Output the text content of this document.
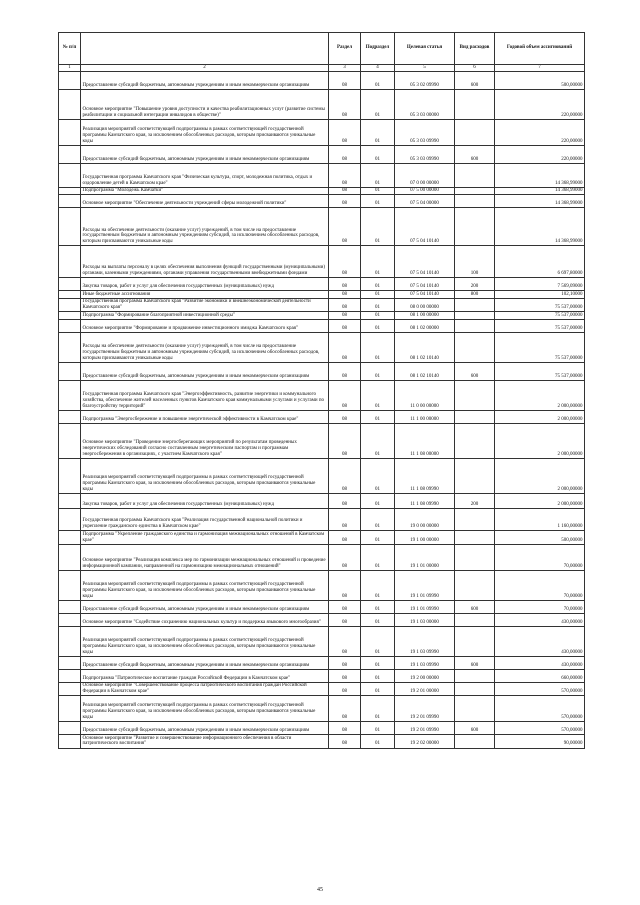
№ п/п		Раздел	Подраздел	Целевая статья	Вид расходов	Годовой объем ассигнований
1	2	3	4	5	6	7
	Предоставление субсидий бюджетным, автономным учреждениям и иным некоммерческим организациям	08	01	05 3 02 09990	600	500,00000
	Основное мероприятие "Повышение уровня доступности и качества реабилитационных услуг (развитие системы реабилитации и социальной интеграции инвалидов в обществе)"	08	01	05 3 03 00000		220,00000
	Реализация мероприятий соответствующей подпрограммы в рамках соответствующей государственной программы Камчатского края, за исключением обособленных расходов, которым присваиваются уникальные коды	08	01	05 3 03 09990		220,00000
	Предоставление субсидий бюджетным, автономным учреждениям и иным некоммерческим организациям	08	01	05 3 03 09990	600	220,00000
	Государственная программа Камчатского края "Физическая культура, спорт, молодежная политика, отдых и оздоровление детей в Камчатском крае"	08	01	07 0 00 00000		14 368,99000
	Подпрограмма "Молодежь Камчатки"	08	01	07 5 00 00000		14 368,99000
	Основное мероприятие "Обеспечение деятельности учреждений сферы молодежной политики"	08	01	07 5 04 00000		14 368,99000
	Расходы на обеспечение деятельности (оказание услуг) учреждений, в том числе на предоставление государственным бюджетным и автономным учреждениям субсидий, за исключением обособленных расходов, которым присваиваются уникальные коды	08	01	07 5 04 10140		14 368,99000
	Расходы на выплаты персоналу в целях обеспечения выполнения функций государственными (муниципальными) органами, казенными учреждениями, органами управления государственными внебюджетными фондами	08	01	07 5 04 10140	100	6 697,80000
	Закупка товаров, работ и услуг для обеспечения государственных (муниципальных) нужд	08	01	07 5 04 10140	200	7 569,09000
	Иные бюджетные ассигнования	08	01	07 5 04 10140	800	102,10000
	Государственная программа Камчатского края "Развитие экономики и внешнеэкономической деятельности Камчатского края"	08	01	08 0 00 00000		75 537,00000
	Подпрограмма "Формирование благоприятной инвестиционной среды"	08	01	08 1 00 00000		75 537,00000
	Основное мероприятие "Формирование и продвижение инвестиционного имиджа Камчатского края"	08	01	08 1 02 00000		75 537,00000
	Расходы на обеспечение деятельности (оказание услуг) учреждений, в том числе на предоставление государственным бюджетным и автономным учреждениям субсидий, за исключением обособленных расходов, которым присваиваются уникальные коды	08	01	08 1 02 10140		75 537,00000
	Предоставление субсидий бюджетным, автономным учреждениям и иным некоммерческим организациям	08	01	08 1 02 10140	600	75 537,00000
	Государственная программа Камчатского края "Энергоэффективность, развитие энергетики и коммунального хозяйства, обеспечение жителей населенных пунктов Камчатского края коммунальными услугами и услугами по благоустройству территорий"	08	01	11 0 00 00000		2 000,00000
	Подпрограмма "Энергосбережение и повышение энергетической эффективности в Камчатском крае"	08	01	11 1 00 00000		2 000,00000
	Основное мероприятие "Проведение энергосберегающих мероприятий по результатам проведенных энергетических обследований согласно составленным энергетическим паспортам и программам энергосбережения в организациях, с участием Камчатского края"	08	01	11 1 08 00000		2 000,00000
	Реализация мероприятий соответствующей подпрограммы в рамках соответствующей государственной программы Камчатского края, за исключением обособленных расходов, которым присваиваются уникальные коды	08	01	11 1 08 09990		2 000,00000
	Закупка товаров, работ и услуг для обеспечения государственных (муниципальных) нужд	08	01	11 1 08 09990	200	2 000,00000
	Государственная программа Камчатского края "Реализация государственной национальной политики и укрепление гражданского единства в Камчатском крае"	08	01	19 0 00 00000		1 160,00000
	Подпрограмма "Укрепление гражданского единства и гармонизация межнациональных отношений в Камчатском крае"	08	01	19 1 00 00000		500,00000
	Основное мероприятие "Реализация комплекса мер по гармонизации межнациональных отношений и проведение информационной кампании, направленной на гармонизацию межнациональных отношений"	08	01	19 1 01 00000		70,00000
	Реализация мероприятий соответствующей подпрограммы в рамках соответствующей государственной программы Камчатского края, за исключением обособленных расходов, которым присваиваются уникальные коды	08	01	19 1 01 09990		70,00000
	Предоставление субсидий бюджетным, автономным учреждениям и иным некоммерческим организациям	08	01	19 1 01 09990	600	70,00000
	Основное мероприятие "Содействие сохранению национальных культур и поддержка языкового многообразия"	08	01	19 1 03 00000		430,00000
	Реализация мероприятий соответствующей подпрограммы в рамках соответствующей государственной программы Камчатского края, за исключением обособленных расходов, которым присваиваются уникальные коды	08	01	19 1 03 09990		430,00000
	Предоставление субсидий бюджетным, автономным учреждениям и иным некоммерческим организациям	08	01	19 1 03 09990	600	430,00000
	Подпрограмма "Патриотическое воспитание граждан Российской Федерации в Камчатском крае"	08	01	19 2 00 00000		660,00000
	Основное мероприятие "Совершенствование процесса патриотического воспитания граждан Российской Федерации в Камчатском крае"	08	01	19 2 01 00000		570,00000
	Реализация мероприятий соответствующей подпрограммы в рамках соответствующей государственной программы Камчатского края, за исключением обособленных расходов, которым присваиваются уникальные коды	08	01	19 2 01 09990		570,00000
	Предоставление субсидий бюджетным, автономным учреждениям и иным некоммерческим организациям	08	01	19 2 01 09990	600	570,00000
	Основное мероприятие "Развитие и совершенствование информационного обеспечения в области патриотического воспитания"	08	01	19 2 02 00000		90,00000
45
